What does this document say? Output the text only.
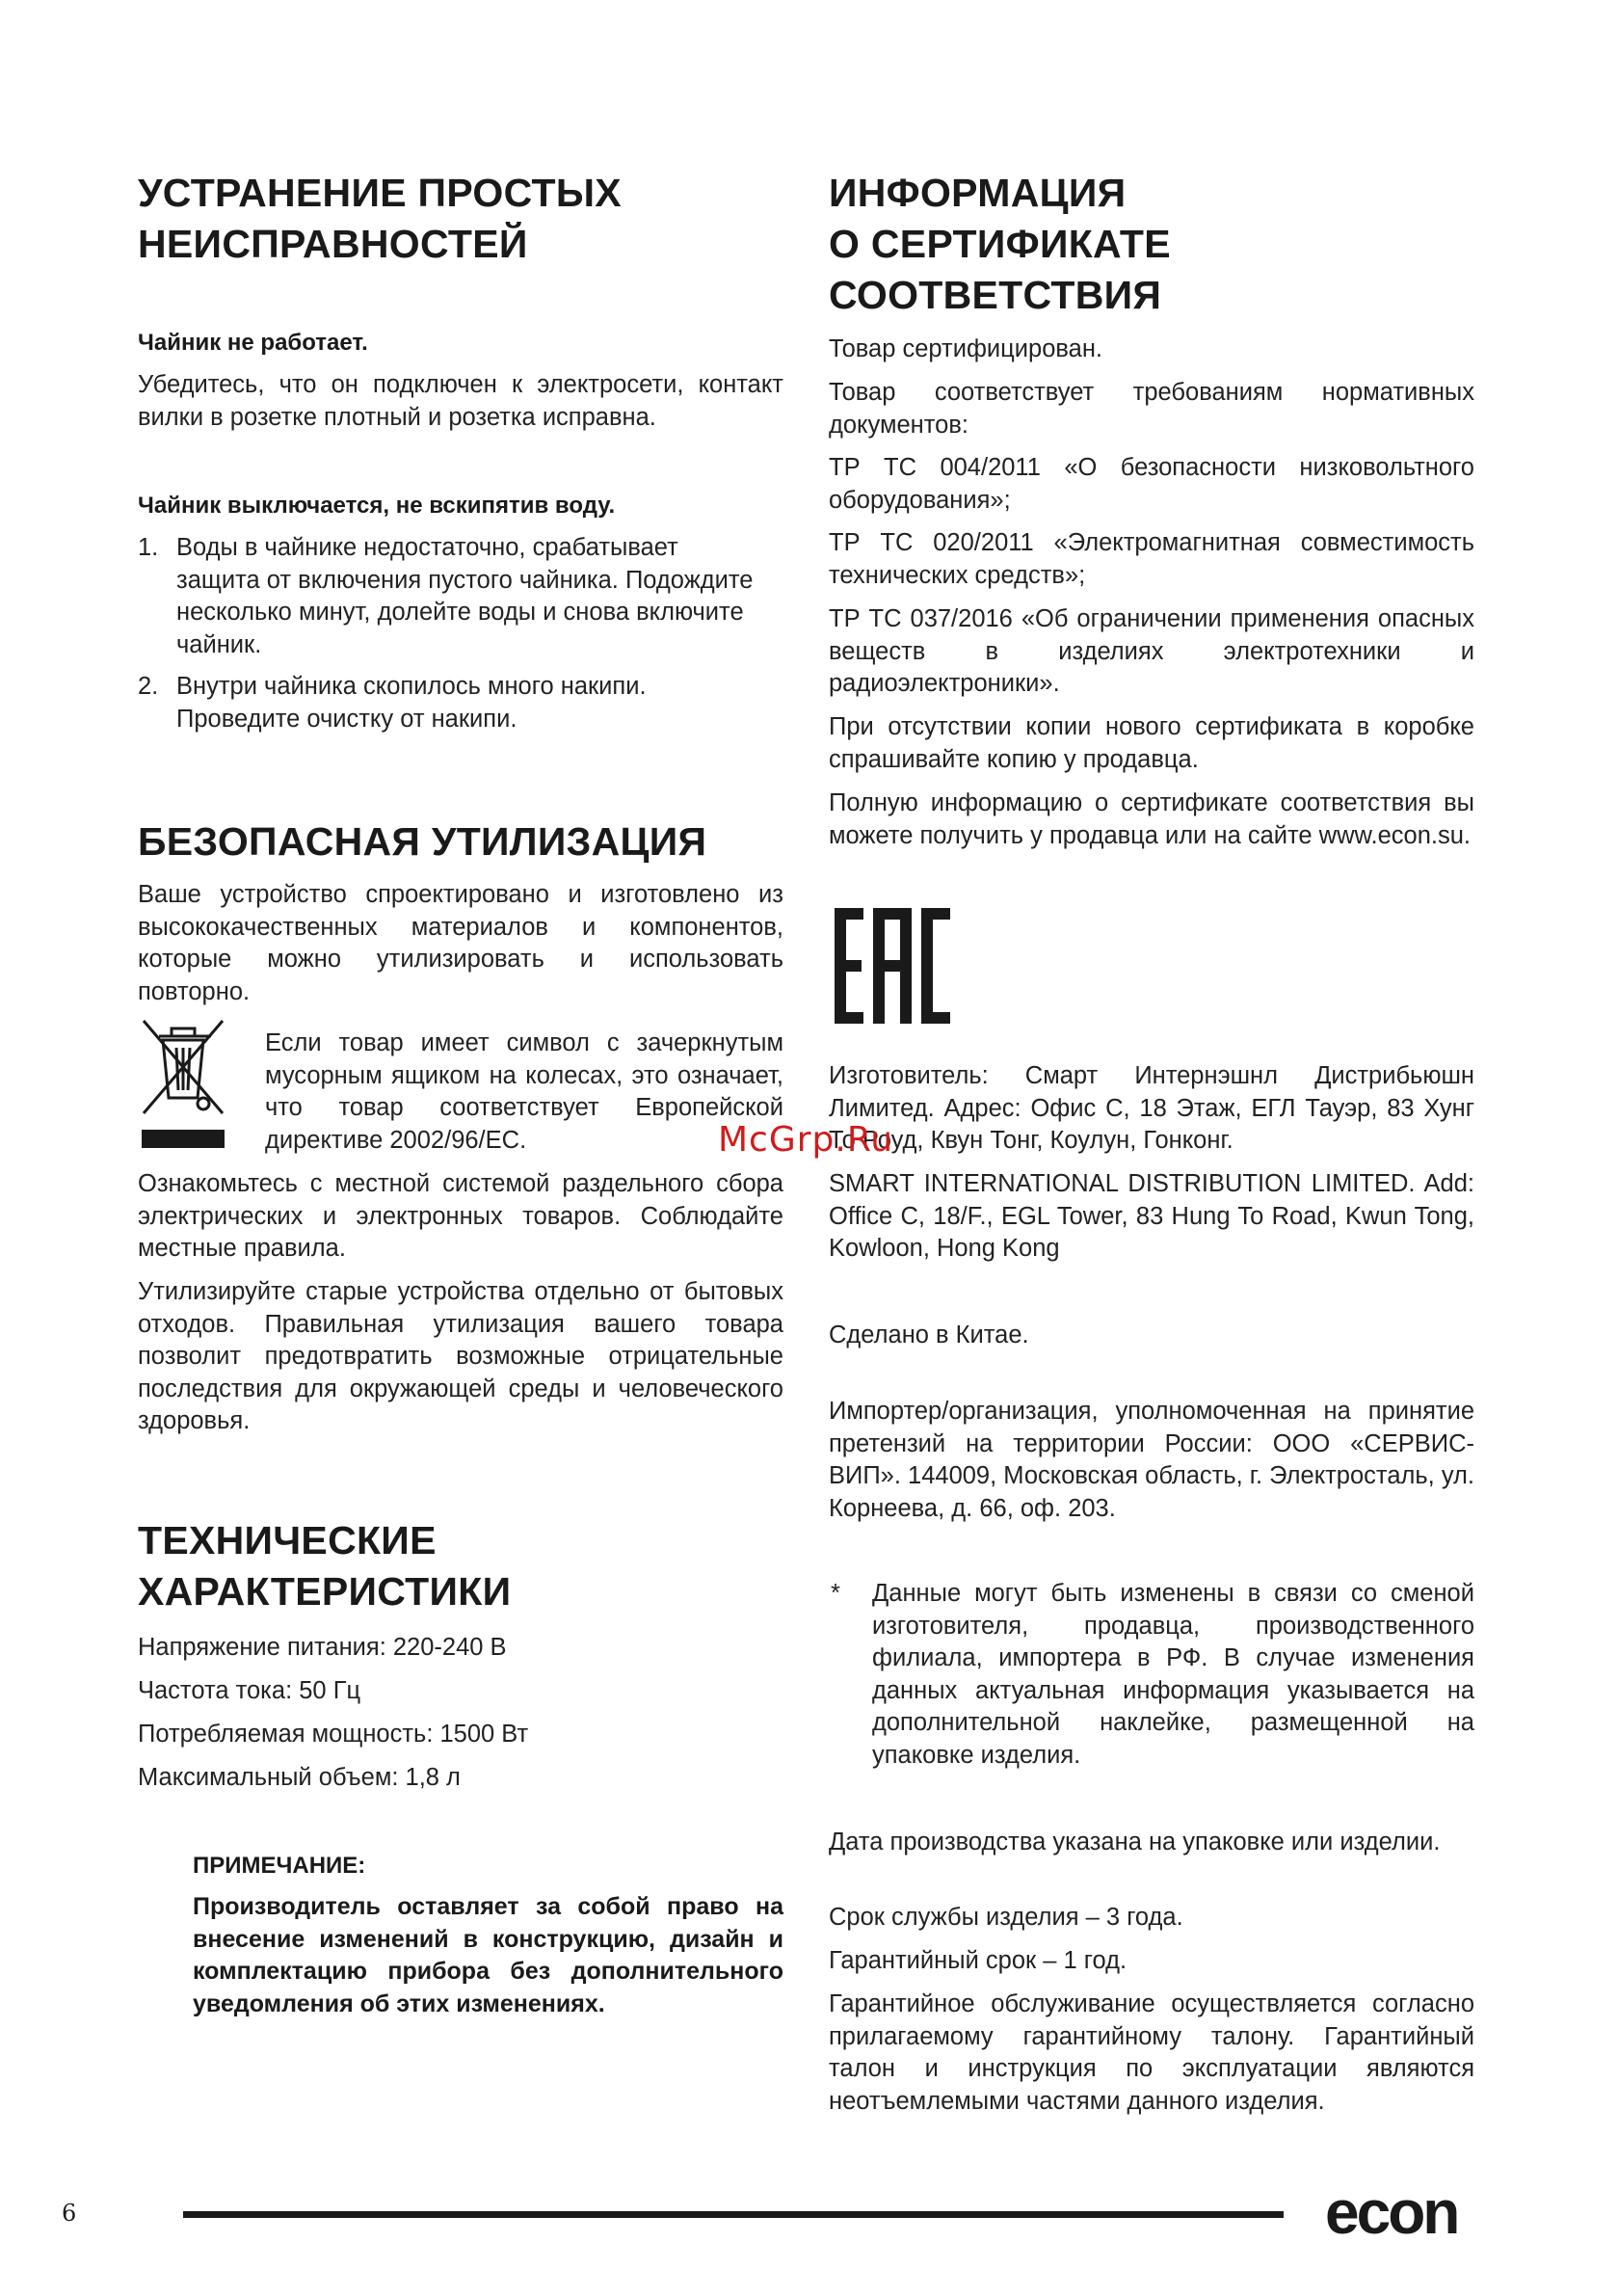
УСТРАНЕНИЕ ПРОСТЫХ
НЕИСПРАВНОСТЕЙ
Чайник не работает.

Убедитесь, что он подключен к электросети, контакт вилки в розетке плотный и розетка исправна.

Чайник выключается, не вскипятив воду.
1. Воды в чайнике недостаточно, срабатывает защита от включения пустого чайника. Подождите несколько минут, долейте воды и снова включите чайник.
2. Внутри чайника скопилось много накипи. Проведите очистку от накипи.
БЕЗОПАСНАЯ УТИЛИЗАЦИЯ

Ваше устройство спроектировано и изготовлено из высококачественных материалов и компонентов, которые можно утилизировать и использовать повторно.

Если товар имеет символ с зачеркнутым мусорным ящиком на колесах, это означает, что товар соответствует Европейской директиве 2002/96/EC.

Ознакомьтесь с местной системой раздельного сбора электрических и электронных товаров. Соблюдайте местные правила.

Утилизируйте старые устройства отдельно от бытовых отходов. Правильная утилизация вашего товара позволит предотвратить возможные отрицательные последствия для окружающей среды и человеческого здоровья.

ТЕХНИЧЕСКИЕ
ХАРАКТЕРИСТИКИ

Напряжение питания: 220-240 В

Частота тока: 50 Гц

Потребляемая мощность: 1500 Вт

Максимальный объем: 1,8 л

ПРИМЕЧАНИЕ:

Производитель оставляет за собой право на внесение изменений в конструкцию, дизайн и комплектацию прибора без дополнительного уведомления об этих изменениях.

ИНФОРМАЦИЯ
О СЕРТИФИКАТЕ
СООТВЕТСТВИЯ

Товар сертифицирован.

Товар соответствует требованиям нормативных документов:

ТР ТС 004/2011 «О безопасности низковольтного оборудования»;

ТР ТС 020/2011 «Электромагнитная совместимость технических средств»;

ТР ТС 037/2016 «Об ограничении применения опасных веществ в изделиях электротехники и радиоэлектроники».

При отсутствии копии нового сертификата в коробке спрашивайте копию у продавца.

Полную информацию о сертификате соответствия вы можете получить у продавца или на сайте www.econ.su.

Изготовитель: Смарт Интернэшнл Дистрибьюшн Лимитед. Адрес: Офис C, 18 Этаж, ЕГЛ Тауэр, 83 Хунг То Роуд, Квун Тонг, Коулун, Гонконг.

SMART INTERNATIONAL DISTRIBUTION LIMITED. Add: Office C, 18/F., EGL Tower, 83 Hung To Road, Kwun Tong, Kowloon, Hong Kong

Сделано в Китае.

Импортер/организация, уполномоченная на принятие претензий на территории России: ООО «СЕРВИС-ВИП». 144009, Московская область, г. Электросталь, ул. Корнеева, д. 66, оф. 203.

* Данные могут быть изменены в связи со сменой изготовителя, продавца, производственного филиала, импортера в РФ. В случае изменения данных актуальная информация указывается на дополнительной наклейке, размещенной на упаковке изделия.

Дата производства указана на упаковке или изделии.

Срок службы изделия – 3 года.

Гарантийный срок – 1 год.

Гарантийное обслуживание осуществляется согласно прилагаемому гарантийному талону. Гарантийный талон и инструкция по эксплуатации являются неотъемлемыми частями данного изделия.

McGrp.Ru
6	econ
